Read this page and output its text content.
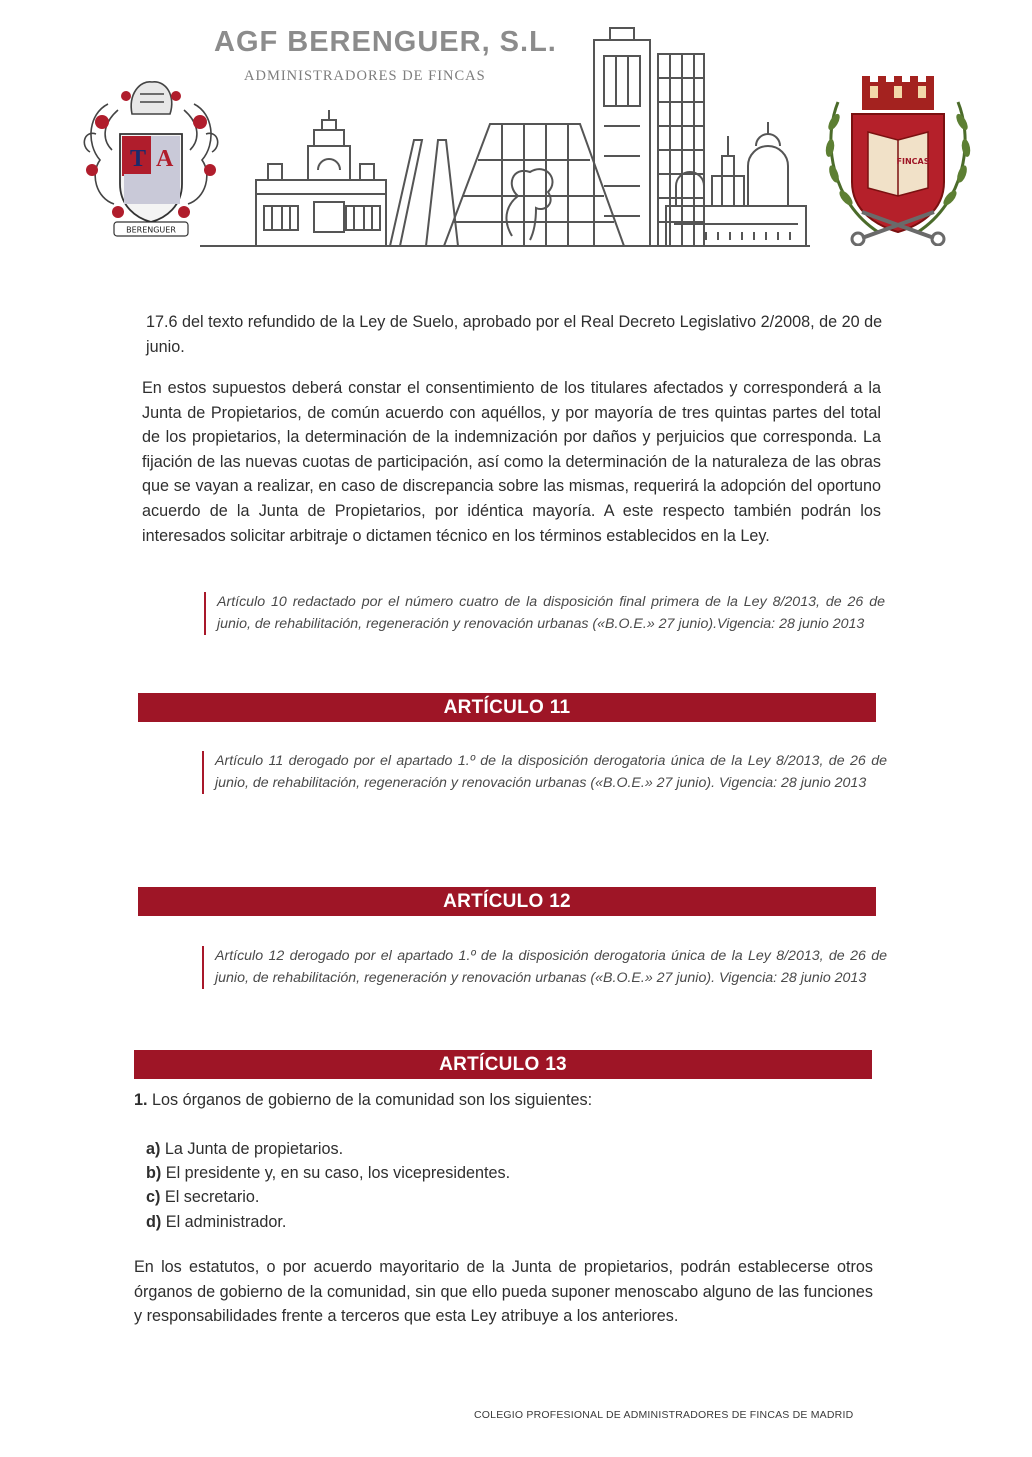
T A
BERENGUER

AGF BERENGUER, S.L.

ADMINISTRADORES DE FINCAS

FINCAS

17.6 del texto refundido de la Ley de Suelo, aprobado por el Real Decreto Legislativo 2/2008, de 20 de junio.

En estos supuestos deberá constar el consentimiento de los titulares afectados y corresponderá a la Junta de Propietarios, de común acuerdo con aquéllos, y por mayoría de tres quintas partes del total de los propietarios, la determinación de la indemnización por daños y perjuicios que corresponda. La fijación de las nuevas cuotas de participación, así como la determinación de la naturaleza de las obras que se vayan a realizar, en caso de discrepancia sobre las mismas, requerirá la adopción del oportuno acuerdo de la Junta de Propietarios, por idéntica mayoría. A este respecto también podrán los interesados solicitar arbitraje o dictamen técnico en los términos establecidos en la Ley.

Artículo 10 redactado por el número cuatro de la disposición final primera de la Ley 8/2013, de 26 de junio, de rehabilitación, regeneración y renovación urbanas («B.O.E.» 27 junio).Vigencia: 28 junio 2013

ARTÍCULO 11

Artículo 11 derogado por el apartado 1.º de la disposición derogatoria única de la Ley 8/2013, de 26 de junio, de rehabilitación, regeneración y renovación urbanas («B.O.E.» 27 junio). Vigencia: 28 junio 2013

ARTÍCULO 12

Artículo 12 derogado por el apartado 1.º de la disposición derogatoria única de la Ley 8/2013, de 26 de junio, de rehabilitación, regeneración y renovación urbanas («B.O.E.» 27 junio). Vigencia: 28 junio 2013

ARTÍCULO 13

1. Los órganos de gobierno de la comunidad son los siguientes:

a) La Junta de propietarios.
b) El presidente y, en su caso, los vicepresidentes.
c) El secretario.
d) El administrador.

En los estatutos, o por acuerdo mayoritario de la Junta de propietarios, podrán establecerse otros órganos de gobierno de la comunidad, sin que ello pueda suponer menoscabo alguno de las funciones y responsabilidades frente a terceros que esta Ley atribuye a los anteriores.

COLEGIO PROFESIONAL DE ADMINISTRADORES DE FINCAS DE MADRID
